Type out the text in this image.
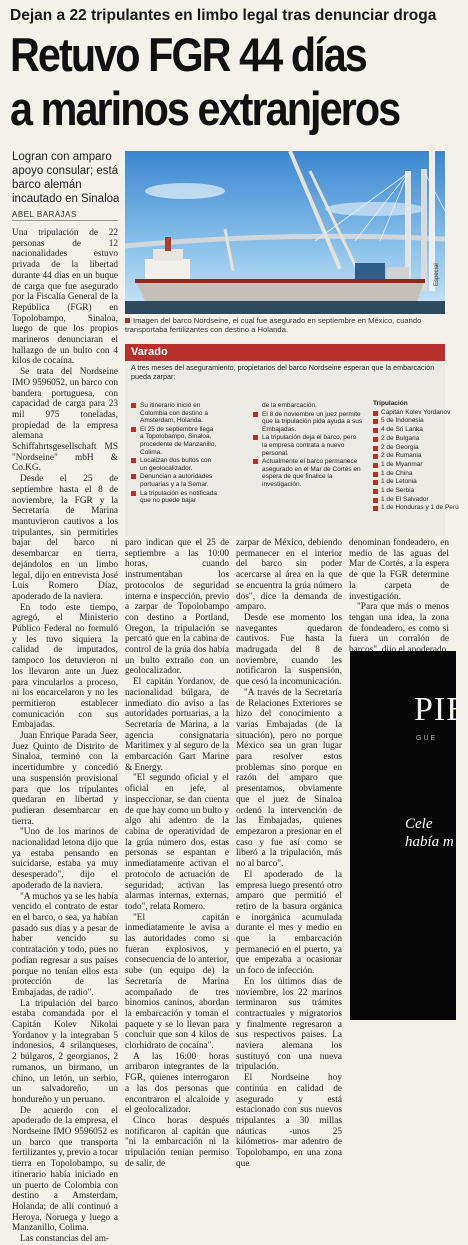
Dejan a 22 tripulantes en limbo legal tras denunciar droga
Retuvo FGR 44 días
a marinos extranjeros
Logran con amparo apoyo consular; está barco alemán incautado en Sinaloa
ABEL BARAJAS

Una tripulación de 22 personas de 12 nacionalidades estuvo privada de la libertad durante 44 días en un buque de carga que fue asegurado por la Fiscalía General de la República (FGR) en Topolobampo, Sinaloa, luego de que los propios marineros denunciaran el hallazgo de un bulto con 4 kilos de cocaína.

Se trata del Nordseine IMO 9596052, un barco con bandera portuguesa, con capacidad de carga para 23 mil 975 toneladas, propiedad de la empresa alemana Schiffahrtsgesellschaft MS "Nordseine" mbH & Co.KG.

Desde el 25 de septiembre hasta el 8 de noviembre, la FGR y la Secretaría de Marina mantuvieron cautivos a los tripulantes, sin permitirles bajar del barco ni desembarcar en tierra, dejándolos en un limbo legal, dijo en entrevista José Luis Romero Díaz, apoderado de la naviera.

En todo este tiempo, agregó, el Ministerio Público Federal no formuló y les tuvo siquiera la calidad de imputados, tampoco los detuvieron ni los llevaron ante un Juez para vincularlos a proceso, ni los encarcelaron y no les permitieron establecer comunicación con sus Embajadas.

Juan Enrique Parada Seer, Juez Quinto de Distrito de Sinaloa, terminó con la incertidumbre y concedió una suspensión provisional para que los tripulantes quedaran en libertad y pudieran desembarcar en tierra.

"Uno de los marinos de nacionalidad letona dijo que ya estaba pensando en suicidarse, estaba ya muy desesperado", dijo el apoderado de la naviera.

"A muchos ya se les había vencido el contrato de estar en el barco, o sea, ya habían pasado sus días y a pesar de haber vencido su contratación y todo, pues no podían regresar a sus países porque no tenían ellos esta protección de las Embajadas, de radio".

La tripulación del barco estaba comandada por el Capitán Kolev Nikolai Yordanov y la integraban 5 indonesios, 4 srilanqueses, 2 búlgaros, 2 georgianos, 2 rumanos, un birmano, un chino, un letón, un serbio, un salvadoreño, un hondureño y un peruano.

De acuerdo con el apoderado de la empresa, el Nordseine IMO 9596052 es un barco que transporta fertilizantes y, previo a tocar tierra en Topolobampo, su itinerario había iniciado en un puerto de Colombia con destino a Amsterdam, Holanda; de allí continuó a Heroya, Noruega y luego a Manzanillo, Colima.

Las constancias del am-

paro indican que el 25 de septiembre a las 10:00 horas, cuando instrumentaban los protocolos de seguridad interna e inspección, previo a zarpar de Topolobampo con destino a Portland, Oregon, la tripulación se percató que en la cabina de control de la grúa dos había un bulto extraño con un geolocalizador.

El capitán Yordanov, de nacionalidad búlgara, de inmediato dio aviso a las autoridades portuarias, a la Secretaría de Marina, a la agencia consignataria Maritimex y al seguro de la embarcación Gart Marine & Energy.

"El segundo oficial y el oficial en jefe, al inspeccionar, se dan cuenta de que hay como un bulto y algo ahí adentro de la cabina de operatividad de la grúa número dos, estas personas se espantan e inmediatamente activan el protocolo de actuación de seguridad; activan las alarmas internas, externas, todo", relata Romero.

"El capitán inmediatamente le avisa a las autoridades como si fueran explosivos, y consecuencia de lo anterior, sube (un equipo de) la Secretaría de Marina acompañado de tres binomios caninos, abordan la embarcación y toman el paquete y se lo llevan para concluir que son 4 kilos de clorhidrato de cocaína".

A las 16:00 horas arribaron integrantes de la FGR, quienes interrogaron a las dos personas que encontraron el alcaloide y el geolocalizador.

Cinco horas después notificaron al capitán que "ni la embarcación ni la tripulación tenían permiso de salir, de

zarpar de México, debiendo permanecer en el interior del barco sin poder acercarse al área en la que se encuentra la grúa número dos", dice la demanda de amparo.

Desde ese momento los navegantes quedaron cautivos. Fue hasta la madrugada del 8 de noviembre, cuando les notificaron la suspensión, que cesó la incomunicación.

"A través de la Secretaría de Relaciones Exteriores se hizo del conocimiento a varias Embajadas (de la situación), pero no porque México sea un gran lugar para resolver estos problemas sino porque en razón del amparo que presentamos, obviamente que el juez de Sinaloa ordenó la intervención de las Embajadas, quienes empezaron a presionar en el caso y fue así como se liberó a la tripulación, más no al barco".

El apoderado de la empresa luego presentó otro amparo que permitió el retiro de la basura orgánica e inorgánica acumulada durante el mes y medio en que la embarcación permaneció en el puerto, ya que empezaba a ocasionar un foco de infección.

En los últimos días de noviembre, los 22 marinos terminaron sus trámites contractuales y migratorios y finalmente regresaron a sus respectivos países. La naviera alemana los sustituyó con una nueva tripulación.

El Nordseine hoy continúa en calidad de asegurado y está estacionado con sus nuevos tripulantes a 30 millas náuticas -unos 25 kilómetros- mar adentro de Topolobampo, en una zona que

denominan fondeadero, en medio de las aguas del Mar de Cortés, a la espera de que la FGR determine la carpeta de investigación.

"Para que más o menos tengan una idea, la zona de fondeadero, es como si fuera un corralón de

Especial
Imagen del barco Nordseine, el cual fue asegurado en septiembre en México, cuando transportaba fertilizantes con destino a Holanda.
Varado
A tres meses del aseguramiento, propietarios del barco Nordseine esperan que la embarcación pueda zarpar:
Su itinerario inició en Colombia con destino a Amsterdam, Holanda.
El 25 de septiembre llega a Topolobampo, Sinaloa, procedente de Manzanillo, Colima.
Localizan dos bultos con un geolocalizador.
Denuncian a autoridades portuarias y a la Semar.
La tripulación es notificada que no puede bajar
de la embarcación.
El 8 de noviembre un juez permite que la tripulación pida ayuda a sus Embajadas.
La tripulación deja el barco, pero la empresa contrata a nuevo personal.
Actualmente el barco permanece asegurado en el Mar de Cortés en espera de que finalice la investigación.
Tripulación
Capitán Kolev Yordanov
5 de Indonesia
4 de Sri Lanka
2 de Bulgaria
2 de Georgia
2 de Rumania
1 de Myanmar
1 de China
1 de Letonia
1 de Serbia
1 de El Salvador
1 de Honduras y 1 de Perú
PIE
GUE
Cele
había m
